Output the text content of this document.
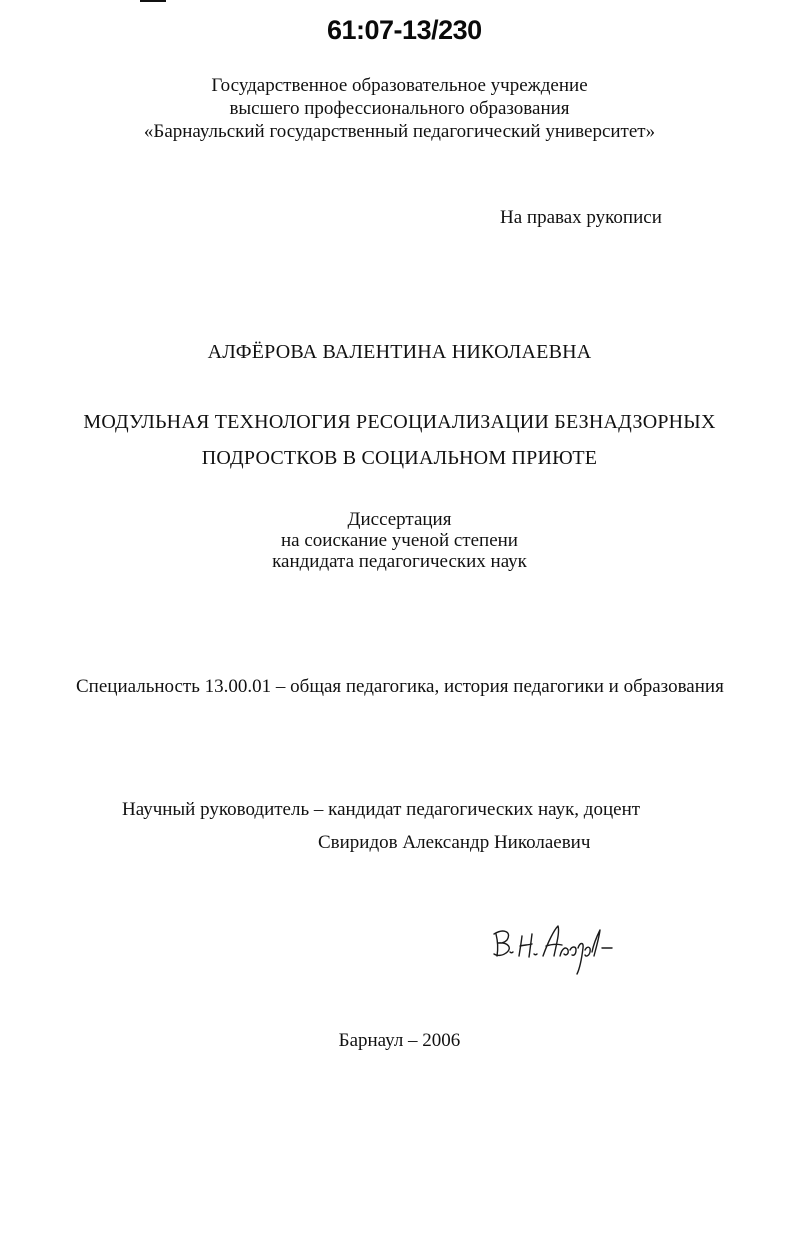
61:07-13/230
Государственное образовательное учреждение
высшего профессионального образования
«Барнаульский государственный педагогический университет»
На правах рукописи
АЛФЁРОВА ВАЛЕНТИНА НИКОЛАЕВНА
МОДУЛЬНАЯ ТЕХНОЛОГИЯ РЕСОЦИАЛИЗАЦИИ БЕЗНАДЗОРНЫХ
ПОДРОСТКОВ В СОЦИАЛЬНОМ ПРИЮТЕ
Диссертация
на соискание ученой степени
кандидата педагогических наук
Специальность 13.00.01 – общая педагогика, история педагогики и образования
Научный руководитель – кандидат педагогических наук, доцент
Свиридов Александр Николаевич
Барнаул – 2006
